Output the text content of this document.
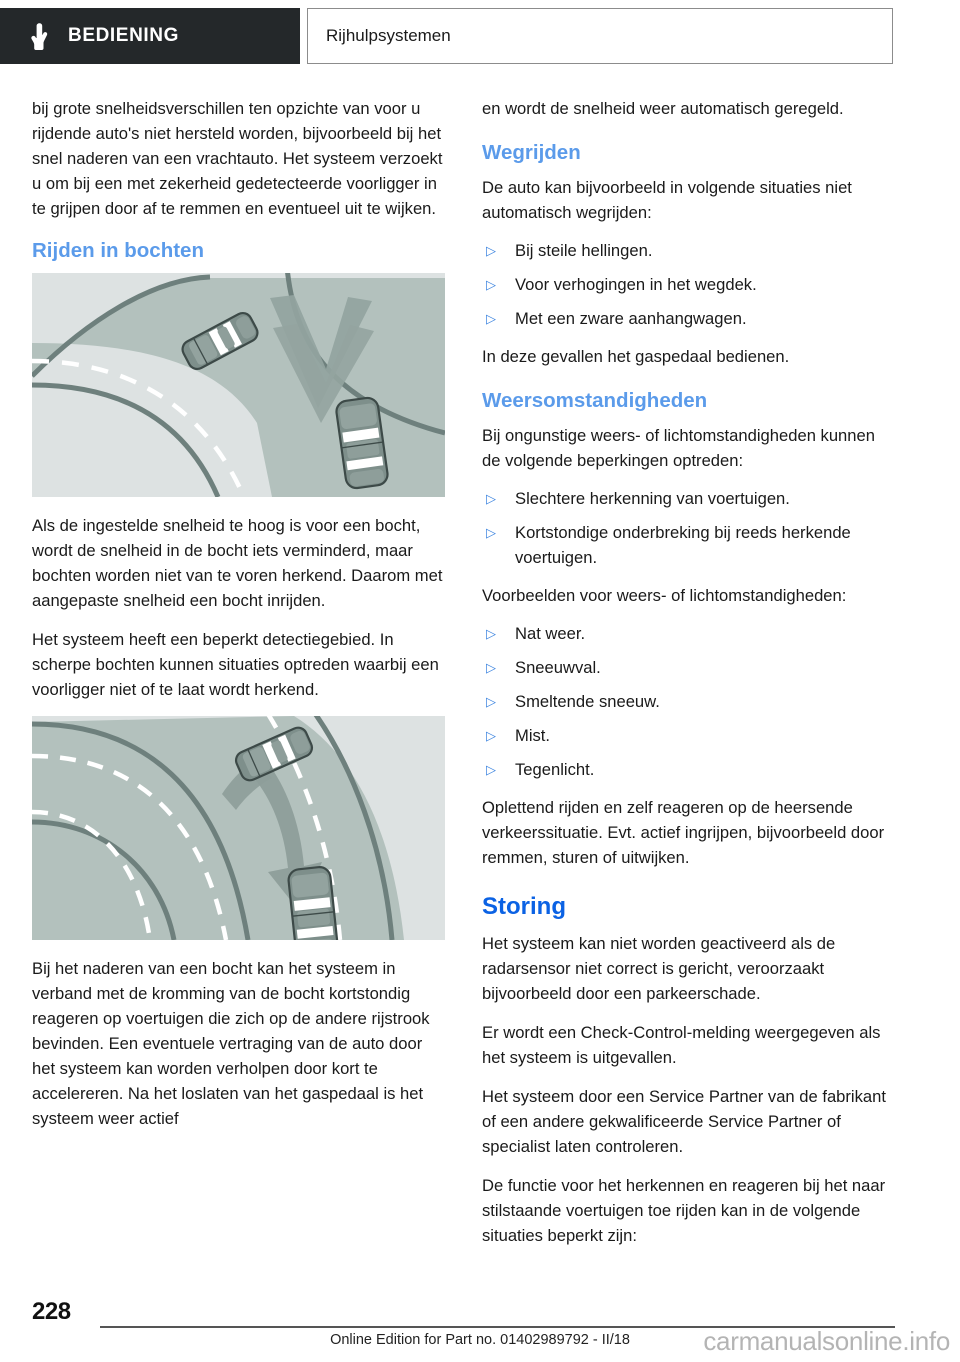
BEDIENING	Rijhulpsystemen

bij grote snelheidsverschillen ten opzichte van voor u rijdende auto's niet hersteld worden, bijvoorbeeld bij het snel naderen van een vrachtauto. Het systeem verzoekt u om bij een met zekerheid gedetecteerde voorligger in te grijpen door af te remmen en eventueel uit te wijken.

Rijden in bochten

Als de ingestelde snelheid te hoog is voor een bocht, wordt de snelheid in de bocht iets verminderd, maar bochten worden niet van te voren herkend. Daarom met aangepaste snelheid een bocht inrijden.

Het systeem heeft een beperkt detectiegebied. In scherpe bochten kunnen situaties optreden waarbij een voorligger niet of te laat wordt herkend.

Bij het naderen van een bocht kan het systeem in verband met de kromming van de bocht kortstondig reageren op voertuigen die zich op de andere rijstrook bevinden. Een eventuele vertraging van de auto door het systeem kan worden verholpen door kort te accelereren. Na het loslaten van het gaspedaal is het systeem weer actief

en wordt de snelheid weer automatisch geregeld.

Wegrijden

De auto kan bijvoorbeeld in volgende situaties niet automatisch wegrijden:

▷ Bij steile hellingen.
▷ Voor verhogingen in het wegdek.
▷ Met een zware aanhangwagen.

In deze gevallen het gaspedaal bedienen.

Weersomstandigheden

Bij ongunstige weers- of lichtomstandigheden kunnen de volgende beperkingen optreden:

▷ Slechtere herkenning van voertuigen.
▷ Kortstondige onderbreking bij reeds herkende voertuigen.

Voorbeelden voor weers- of lichtomstandigheden:

▷ Nat weer.
▷ Sneeuwval.
▷ Smeltende sneeuw.
▷ Mist.
▷ Tegenlicht.

Oplettend rijden en zelf reageren op de heersende verkeerssituatie. Evt. actief ingrijpen, bijvoorbeeld door remmen, sturen of uitwijken.

Storing

Het systeem kan niet worden geactiveerd als de radarsensor niet correct is gericht, veroorzaakt bijvoorbeeld door een parkeerschade.

Er wordt een Check-Control-melding weergegeven als het systeem is uitgevallen.

Het systeem door een Service Partner van de fabrikant of een andere gekwalificeerde Service Partner of specialist laten controleren.

De functie voor het herkennen en reageren bij het naar stilstaande voertuigen toe rijden kan in de volgende situaties beperkt zijn:

228
Online Edition for Part no. 01402989792 - II/18	carmanualsonline.info
